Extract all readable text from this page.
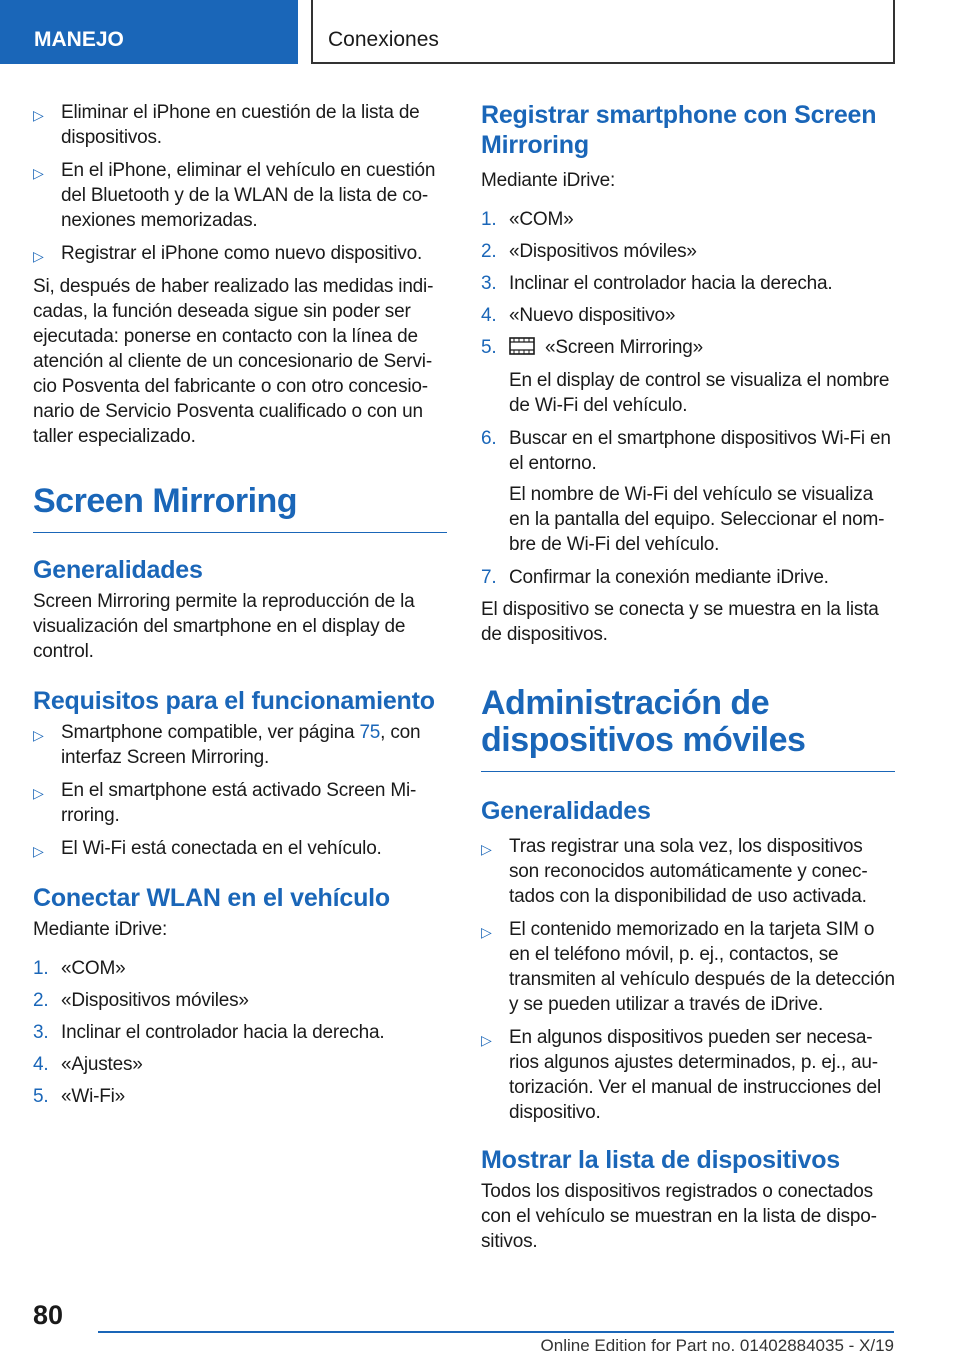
MANEJO	Conexiones
▷ Eliminar el iPhone en cuestión de la lista de dispositivos.
▷ En el iPhone, eliminar el vehículo en cuestión del Bluetooth y de la WLAN de la lista de conexiones memorizadas.
▷ Registrar el iPhone como nuevo dispositivo.

Si, después de haber realizado las medidas indicadas, la función deseada sigue sin poder ser ejecutada: ponerse en contacto con la línea de atención al cliente de un concesionario de Servicio Posventa del fabricante o con otro concesionario de Servicio Posventa cualificado o con un taller especializado.

Screen Mirroring
Generalidades

Screen Mirroring permite la reproducción de la visualización del smartphone en el display de control.

Requisitos para el funcionamiento
▷ Smartphone compatible, ver página 75, con interfaz Screen Mirroring.
▷ En el smartphone está activado Screen Mirroring.
▷ El Wi-Fi está conectada en el vehículo.
Conectar WLAN en el vehículo

Mediante iDrive:

1. «COM»
2. «Dispositivos móviles»
3. Inclinar el controlador hacia la derecha.
4. «Ajustes»
5. «Wi-Fi»
Registrar smartphone con Screen Mirroring

Mediante iDrive:

1. «COM»
2. «Dispositivos móviles»
3. Inclinar el controlador hacia la derecha.
4. «Nuevo dispositivo»
5.	«Screen Mirroring»

En el display de control se visualiza el nombre de Wi-Fi del vehículo.

6. Buscar en el smartphone dispositivos Wi-Fi en el entorno.

El nombre de Wi-Fi del vehículo se visualiza en la pantalla del equipo. Seleccionar el nombre de Wi-Fi del vehículo.

7. Confirmar la conexión mediante iDrive.

El dispositivo se conecta y se muestra en la lista de dispositivos.

Administración de dispositivos móviles
Generalidades
▷ Tras registrar una sola vez, los dispositivos son reconocidos automáticamente y conectados con la disponibilidad de uso activada.
▷ El contenido memorizado en la tarjeta SIM o en el teléfono móvil, p. ej., contactos, se transmiten al vehículo después de la detección y se pueden utilizar a través de iDrive.
▷ En algunos dispositivos pueden ser necesarios algunos ajustes determinados, p. ej., autorización. Ver el manual de instrucciones del dispositivo.
Mostrar la lista de dispositivos

Todos los dispositivos registrados o conectados con el vehículo se muestran en la lista de dispositivos.

80
Online Edition for Part no. 01402884035 - X/19
